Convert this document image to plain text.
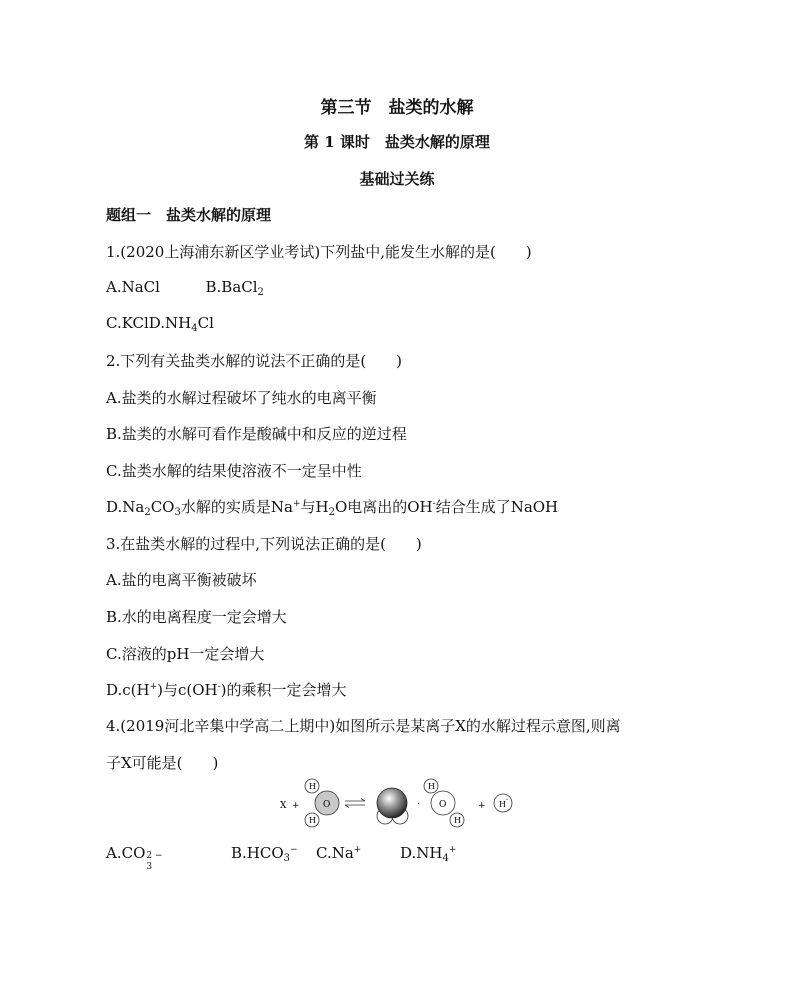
第三节　盐类的水解
第 1 课时　盐类水解的原理
基础过关练
题组一　盐类水解的原理
1.(2020上海浦东新区学业考试)下列盐中,能发生水解的是(　　)
A.NaCl	B.BaCl$_2$
$C.KClD.NH_4Cl$
2.下列有关盐类水解的说法不正确的是(　　)
A.盐类的水解过程破坏了纯水的电离平衡
B.盐类的水解可看作是酸碱中和反应的逆过程
C.盐类水解的结果使溶液不一定呈中性
$D.Na_2CO_3$水解的实质是Na+与$H_2O$电离出的OH-结合生成了NaOH
3.在盐类水解的过程中,下列说法正确的是(　　)
A.盐的电离平衡被破坏
B.水的电离程度一定会增大
C.溶液的pH一定会增大
D.c(H+)与c(OH-)的乘积一定会增大
4.(2019河北辛集中学高二上期中)如图所示是某离子X的水解过程示意图,则离
子X可能是(　　)
X +
H
H
O	·
H
O
H
+ H
-
A.CO 2 −
3
$B.HCO_3^-$ C.Na+	$D.NH_4^+$
